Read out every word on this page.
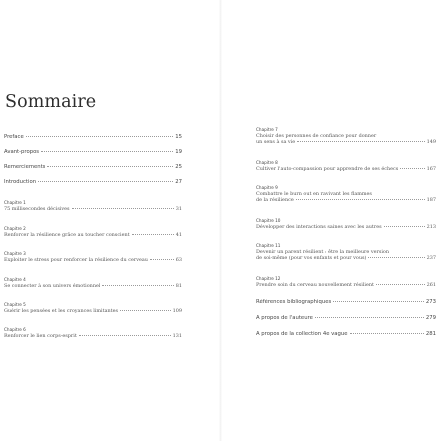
Sommaire
Preface	15
Avant-propos	19
Remerciements	25
Introduction	27
Chapitre 1
75 millisecondes décisives	31
Chapitre 2
Renforcer la résilience grâce au toucher conscient	41
Chapitre 3
Exploiter le stress pour renforcer la résilience du cerveau	63
Chapitre 4
Se connecter à son univers émotionnel	81
Chapitre 5
Guérir les pensées et les croyances limitantes	109
Chapitre 6
Renforcer le lien corps-esprit	131
Chapitre 7
Choisir des personnes de confiance pour donner
un sens à sa vie	149
Chapitre 8
Cultiver l'auto-compassion pour apprendre de ses échecs	167
Chapitre 9
Combattre le burn out en ravivant les flammes
de la résilience	187
Chapitre 10
Développer des interactions saines avec les autres	213
Chapitre 11
Devenir un parent résilient : être la meilleure version
de soi-même (pour vos enfants et pour vous)	237
Chapitre 12
Prendre soin du cerveau nouvellement résilient	261
Références bibliographiques	273
À propos de l'auteure	279
À propos de la collection 4e vague	281
